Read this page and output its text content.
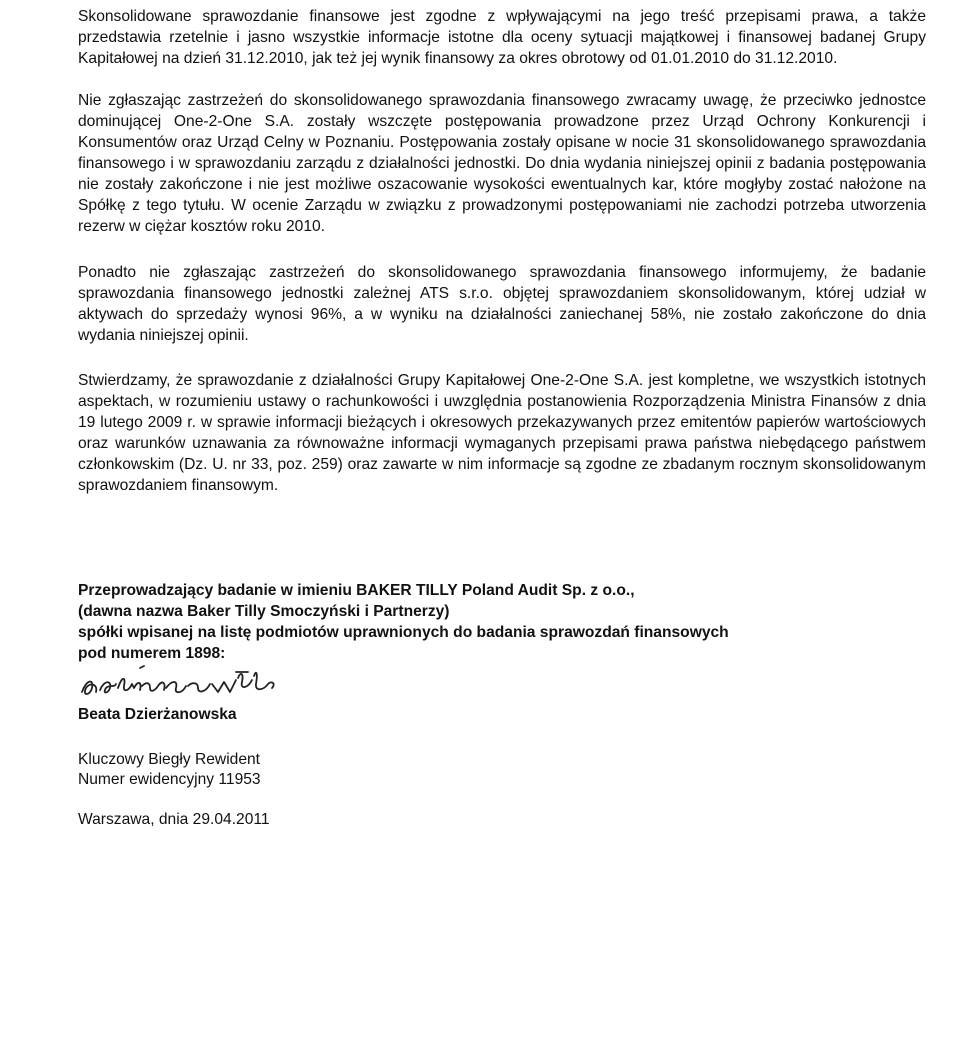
Skonsolidowane sprawozdanie finansowe jest zgodne z wpływającymi na jego treść przepisami prawa, a także przedstawia rzetelnie i jasno wszystkie informacje istotne dla oceny sytuacji majątkowej i finansowej badanej Grupy Kapitałowej na dzień 31.12.2010, jak też jej wynik finansowy za okres obrotowy od 01.01.2010 do 31.12.2010.

Nie zgłaszając zastrzeżeń do skonsolidowanego sprawozdania finansowego zwracamy uwagę, że przeciwko jednostce dominującej One-2-One S.A. zostały wszczęte postępowania prowadzone przez Urząd Ochrony Konkurencji i Konsumentów oraz Urząd Celny w Poznaniu. Postępowania zostały opisane w nocie 31 skonsolidowanego sprawozdania finansowego i w sprawozdaniu zarządu z działalności jednostki. Do dnia wydania niniejszej opinii z badania postępowania nie zostały zakończone i nie jest możliwe oszacowanie wysokości ewentualnych kar, które mogłyby zostać nałożone na Spółkę z tego tytułu. W ocenie Zarządu w związku z prowadzonymi postępowaniami nie zachodzi potrzeba utworzenia rezerw w ciężar kosztów roku 2010.

Ponadto nie zgłaszając zastrzeżeń do skonsolidowanego sprawozdania finansowego informujemy, że badanie sprawozdania finansowego jednostki zależnej ATS s.r.o. objętej sprawozdaniem skonsolidowanym, której udział w aktywach do sprzedaży wynosi 96%, a w wyniku na działalności zaniechanej 58%, nie zostało zakończone do dnia wydania niniejszej opinii.

Stwierdzamy, że sprawozdanie z działalności Grupy Kapitałowej One-2-One S.A. jest kompletne, we wszystkich istotnych aspektach, w rozumieniu ustawy o rachunkowości i uwzględnia postanowienia Rozporządzenia Ministra Finansów z dnia 19 lutego 2009 r. w sprawie informacji bieżących i okresowych przekazywanych przez emitentów papierów wartościowych oraz warunków uznawania za równoważne informacji wymaganych przepisami prawa państwa niebędącego państwem członkowskim (Dz. U. nr 33, poz. 259) oraz zawarte w nim informacje są zgodne ze zbadanym rocznym skonsolidowanym sprawozdaniem finansowym.

Przeprowadzający badanie w imieniu BAKER TILLY Poland Audit Sp. z o.o.,
(dawna nazwa Baker Tilly Smoczyński i Partnerzy)
spółki wpisanej na listę podmiotów uprawnionych do badania sprawozdań finansowych
pod numerem 1898:

Beata Dzierżanowska

Kluczowy Biegły Rewident
Numer ewidencyjny 11953

Warszawa, dnia 29.04.2011
